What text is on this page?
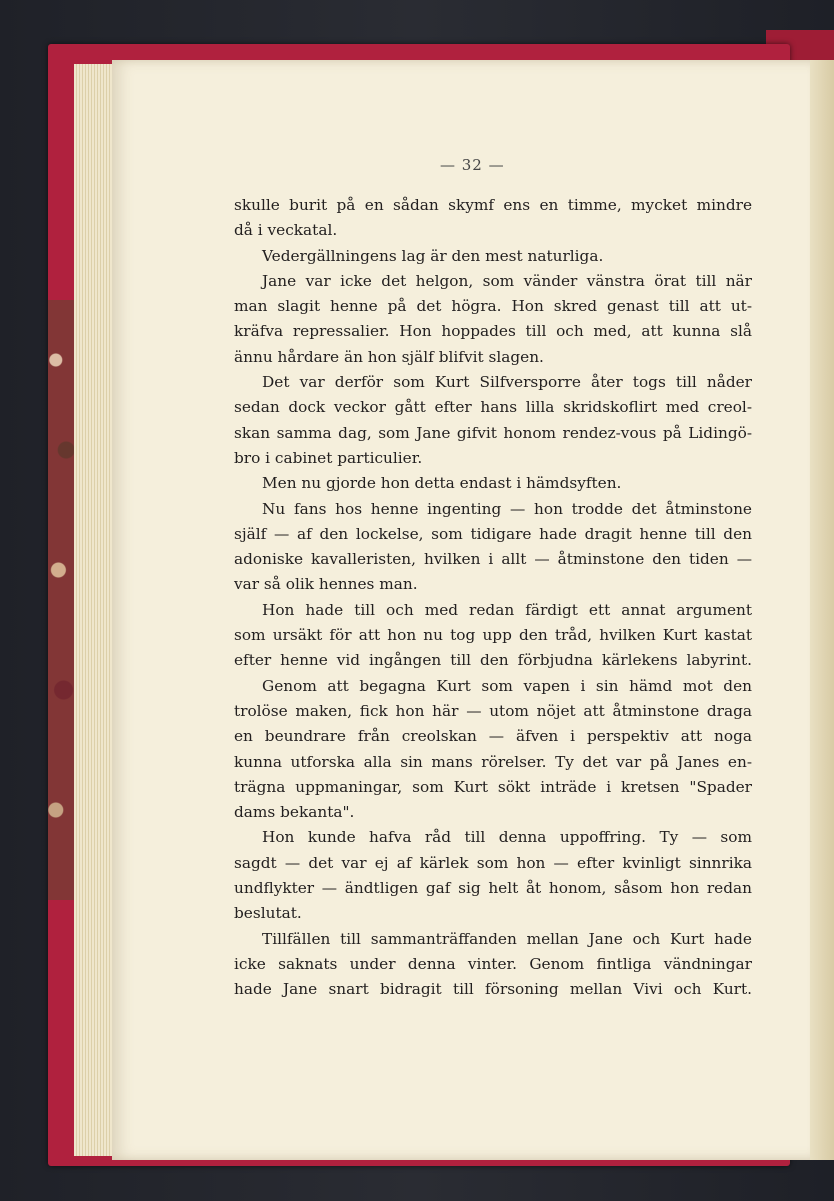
— 32 —
skulle burit på en sådan skymf ens en timme, mycket mindre
då i veckatal.
Vedergällningens lag är den mest naturliga.
Jane var icke det helgon, som vänder vänstra örat till när
man slagit henne på det högra. Hon skred genast till att ut-
kräfva repressalier. Hon hoppades till och med, att kunna slå
ännu hårdare än hon själf blifvit slagen.
Det var derför som Kurt Silfversporre åter togs till nåder
sedan dock veckor gått efter hans lilla skridskoflirt med creol-
skan samma dag, som Jane gifvit honom rendez-vous på Lidingö-
bro i cabinet particulier.
Men nu gjorde hon detta endast i hämdsyften.
Nu fans hos henne ingenting — hon trodde det åtminstone
själf — af den lockelse, som tidigare hade dragit henne till den
adoniske kavalleristen, hvilken i allt — åtminstone den tiden —
var så olik hennes man.
Hon hade till och med redan färdigt ett annat argument
som ursäkt för att hon nu tog upp den tråd, hvilken Kurt kastat
efter henne vid ingången till den förbjudna kärlekens labyrint.
Genom att begagna Kurt som vapen i sin hämd mot den
trolöse maken, fick hon här — utom nöjet att åtminstone draga
en beundrare från creolskan — äfven i perspektiv att noga
kunna utforska alla sin mans rörelser. Ty det var på Janes en-
trägna uppmaningar, som Kurt sökt inträde i kretsen "Spader
dams bekanta".
Hon kunde hafva råd till denna uppoffring. Ty — som
sagdt — det var ej af kärlek som hon — efter kvinligt sinnrika
undflykter — ändtligen gaf sig helt åt honom, såsom hon redan
beslutat.
Tillfällen till sammanträffanden mellan Jane och Kurt hade
icke saknats under denna vinter. Genom fintliga vändningar
hade Jane snart bidragit till försoning mellan Vivi och Kurt.
